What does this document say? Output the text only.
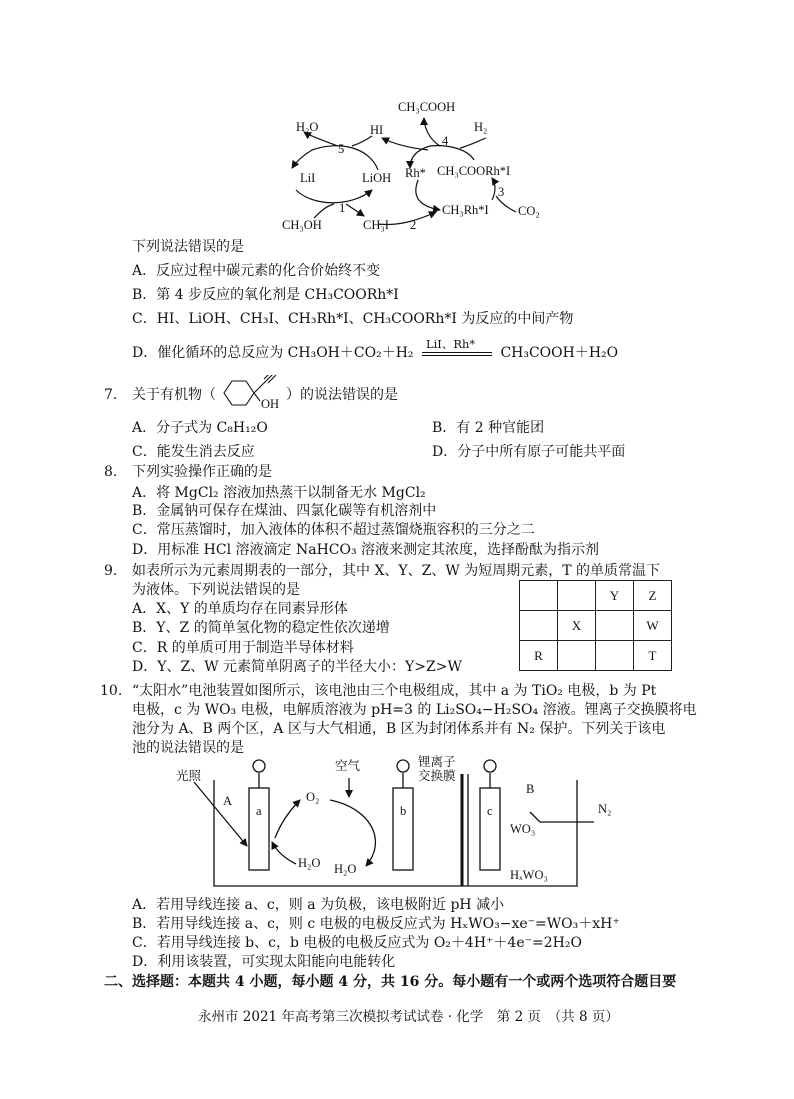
CH₃COOH
H₂O	HI	H₂
5
4
LiI	LiOH Rh* CH₃COORh*I
3
1	CH₃Rh*I CO₂
CH₃OH	CH₃I 2
下列说法错误的是
A．反应过程中碳元素的化合价始终不变
B．第 4 步反应的氧化剂是 CH₃COORh*I
C．HI、LiOH、CH₃I、CH₃Rh*I、CH₃COORh*I 为反应的中间产物
D．催化循环的总反应为 CH₃OH＋CO₂＋H₂
LiI、Rh*
CH₃COOH＋H₂O
7. 关于有机物（
OH
）的说法错误的是
A．分子式为 C₈H₁₂O	B．有 2 种官能团
C．能发生消去反应	D．分子中所有原子可能共平面
8. 下列实验操作正确的是
A．将 MgCl₂ 溶液加热蒸干以制备无水 MgCl₂
B．金属钠可保存在煤油、四氯化碳等有机溶剂中
C．常压蒸馏时，加入液体的体积不超过蒸馏烧瓶容积的三分之二
D．用标准 HCl 溶液滴定 NaHCO₃ 溶液来测定其浓度，选择酚酞为指示剂
9. 如表所示为元素周期表的一部分，其中 X、Y、Z、W 为短周期元素，T 的单质常温下
为液体。下列说法错误的是
A．X、Y 的单质均存在同素异形体
B．Y、Z 的简单氢化物的稳定性依次递增
C．R 的单质可用于制造半导体材料
D．Y、Z、W 元素简单阴离子的半径大小：Y>Z>W
		Y	Z
	X		W
R			T
10. “太阳水”电池装置如图所示，该电池由三个电极组成，其中 a 为 TiO₂ 电极，b 为 Pt
电极，c 为 WO₃ 电极，电解质溶液为 pH=3 的 Li₂SO₄−H₂SO₄ 溶液。锂离子交换膜将电
池分为 A、B 两个区，A 区与大气相通，B 区为封闭体系并有 N₂ 保护。下列关于该电
池的说法错误的是
光照
空气	锂离子
交换膜
A
B
a	b	c
O₂
H₂O H₂O
WO₃
HₓWO₃
N₂
A．若用导线连接 a、c，则 a 为负极，该电极附近 pH 减小
B．若用导线连接 a、c，则 c 电极的电极反应式为 HₓWO₃−xe⁻=WO₃＋xH⁺
C．若用导线连接 b、c，b 电极的电极反应式为 O₂＋4H⁺＋4e⁻=2H₂O
D．利用该装置，可实现太阳能向电能转化
二、选择题：本题共 4 小题，每小题 4 分，共 16 分。每小题有一个或两个选项符合题目要
永州市 2021 年高考第三次模拟考试试卷 · 化学　第 2 页　（共 8 页）
